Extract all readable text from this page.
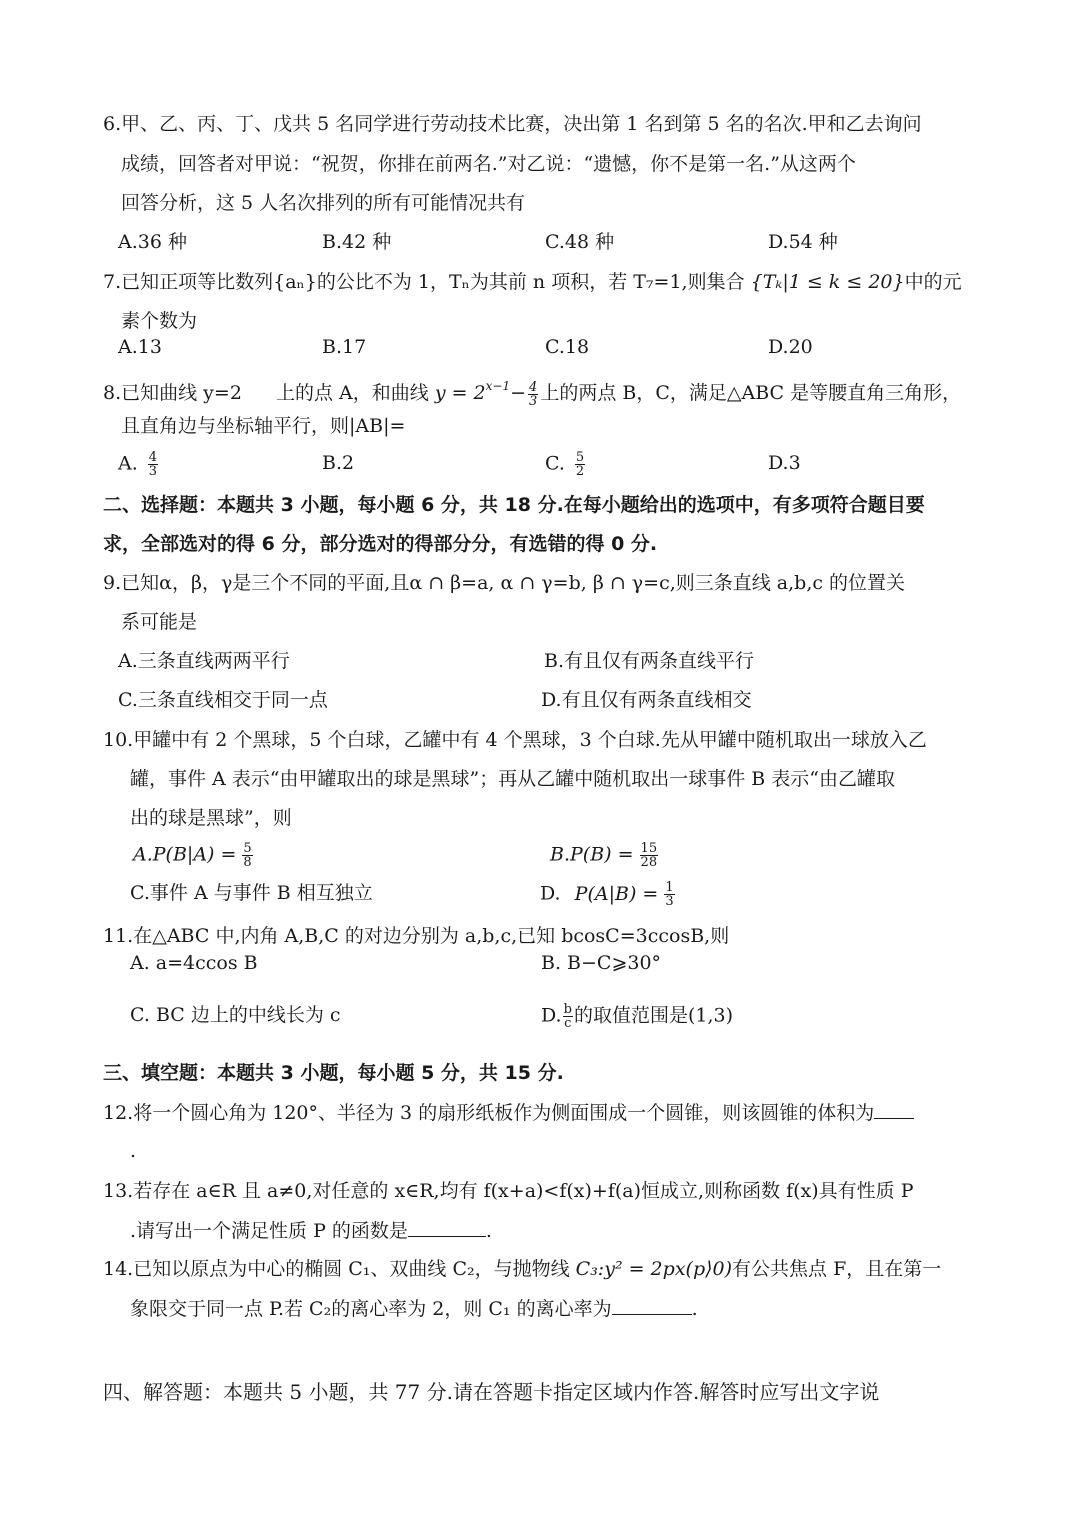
6.甲、乙、丙、丁、戊共 5 名同学进行劳动技术比赛，决出第 1 名到第 5 名的名次.甲和乙去询问
成绩，回答者对甲说：“祝贺，你排在前两名.”对乙说：“遗憾，你不是第一名.”从这两个
回答分析，这 5 人名次排列的所有可能情况共有
A.36 种	B.42 种	C.48 种	D.54 种
7.已知正项等比数列{aₙ}的公比不为 1，Tₙ为其前 n 项积，若 T₇=1,则集合 {Tₖ|1 ≤ k ≤ 20}中的元
素个数为
A.13	B.17	C.18	D.20
8.已知曲线 y=2 上的点 A，和曲线 $y = 2^{x-1}- \frac{4}{3}$ 上的两点 B，C，满足△ABC 是等腰直角三角形，
且直角边与坐标轴平行，则|AB|=
A. $\frac{4}{3}$	B.2	C. $\frac{5}{2}$	D.3
二、选择题：本题共 3 小题，每小题 6 分，共 18 分.在每小题给出的选项中，有多项符合题目要
求，全部选对的得 6 分，部分选对的得部分分，有选错的得 0 分.
9.已知α，β，γ是三个不同的平面,且α ∩ β=a, α ∩ γ=b, β ∩ γ=c,则三条直线 a,b,c 的位置关
系可能是
A.三条直线两两平行	B.有且仅有两条直线平行
C.三条直线相交于同一点	D.有且仅有两条直线相交
10.甲罐中有 2 个黑球，5 个白球，乙罐中有 4 个黑球，3 个白球.先从甲罐中随机取出一球放入乙
罐，事件 A 表示“由甲罐取出的球是黑球”；再从乙罐中随机取出一球事件 B 表示“由乙罐取
出的球是黑球”，则
$A.P(B|A) = \frac{5}{8}$	$B.P(B) = \frac{15}{28}$
C.事件 A 与事件 B 相互独立	D. $P(A|B) = \frac{1}{3}$
11.在△ABC 中,内角 A,B,C 的对边分别为 a,b,c,已知 bcosC=3ccosB,则
A. a=4ccos B	B. B−C⩾30°
C. BC 边上的中线长为 c	D. $\frac{b}{c}$ 的取值范围是(1,3)
三、填空题：本题共 3 小题，每小题 5 分，共 15 分.
12.将一个圆心角为 120°、半径为 3 的扇形纸板作为侧面围成一个圆锥，则该圆锥的体积为
.
13.若存在 a∈R 且 a≠0,对任意的 x∈R,均有 f(x+a)<f(x)+f(a)恒成立,则称函数 f(x)具有性质 P
.请写出一个满足性质 P 的函数是	.
14.已知以原点为中心的椭圆 C₁、双曲线 C₂，与抛物线 C₃:y² = 2px(p⟩0)有公共焦点 F，且在第一
象限交于同一点 P.若 C₂的离心率为 2，则 C₁ 的离心率为	.
四、解答题：本题共 5 小题，共 77 分.请在答题卡指定区域内作答.解答时应写出文字说
